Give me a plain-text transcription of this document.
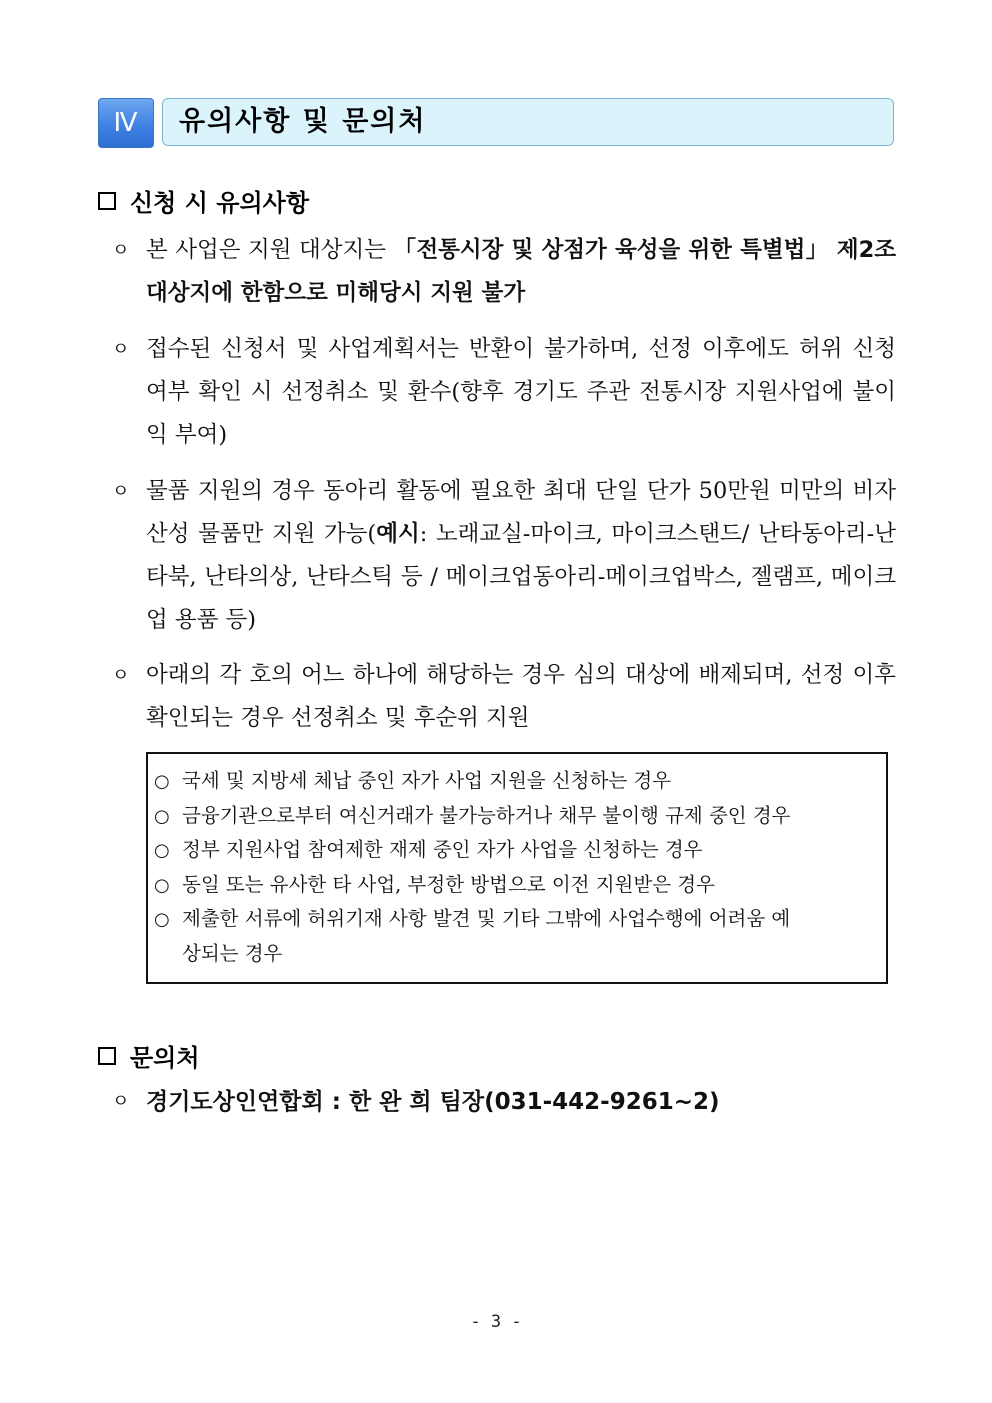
Ⅳ	유의사항 및 문의처
신청 시 유의사항
ㅇ 본 사업은 지원 대상지는 「전통시장 및 상점가 육성을 위한 특별법」 제2조 대상지에 한함으로 미해당시 지원 불가
ㅇ 접수된 신청서 및 사업계획서는 반환이 불가하며, 선정 이후에도 허위 신청 여부 확인 시 선정취소 및 환수(향후 경기도 주관 전통시장 지원사업에 불이익 부여)
ㅇ 물품 지원의 경우 동아리 활동에 필요한 최대 단일 단가 50만원 미만의 비자산성 물품만 지원 가능(예시: 노래교실-마이크, 마이크스탠드/ 난타동아리-난타북, 난타의상, 난타스틱 등 / 메이크업동아리-메이크업박스, 젤램프, 메이크업 용품 등)
ㅇ 아래의 각 호의 어느 하나에 해당하는 경우 심의 대상에 배제되며, 선정 이후 확인되는 경우 선정취소 및 후순위 지원
○ 국세 및 지방세 체납 중인 자가 사업 지원을 신청하는 경우
○ 금융기관으로부터 여신거래가 불가능하거나 채무 불이행 규제 중인 경우
○ 정부 지원사업 참여제한 재제 중인 자가 사업을 신청하는 경우
○ 동일 또는 유사한 타 사업, 부정한 방법으로 이전 지원받은 경우
○ 제출한 서류에 허위기재 사항 발견 및 기타 그밖에 사업수행에 어려움 예
상되는 경우
문의처
ㅇ 경기도상인연합회 : 한 완 희 팀장(031-442-9261~2)
- 3 -
